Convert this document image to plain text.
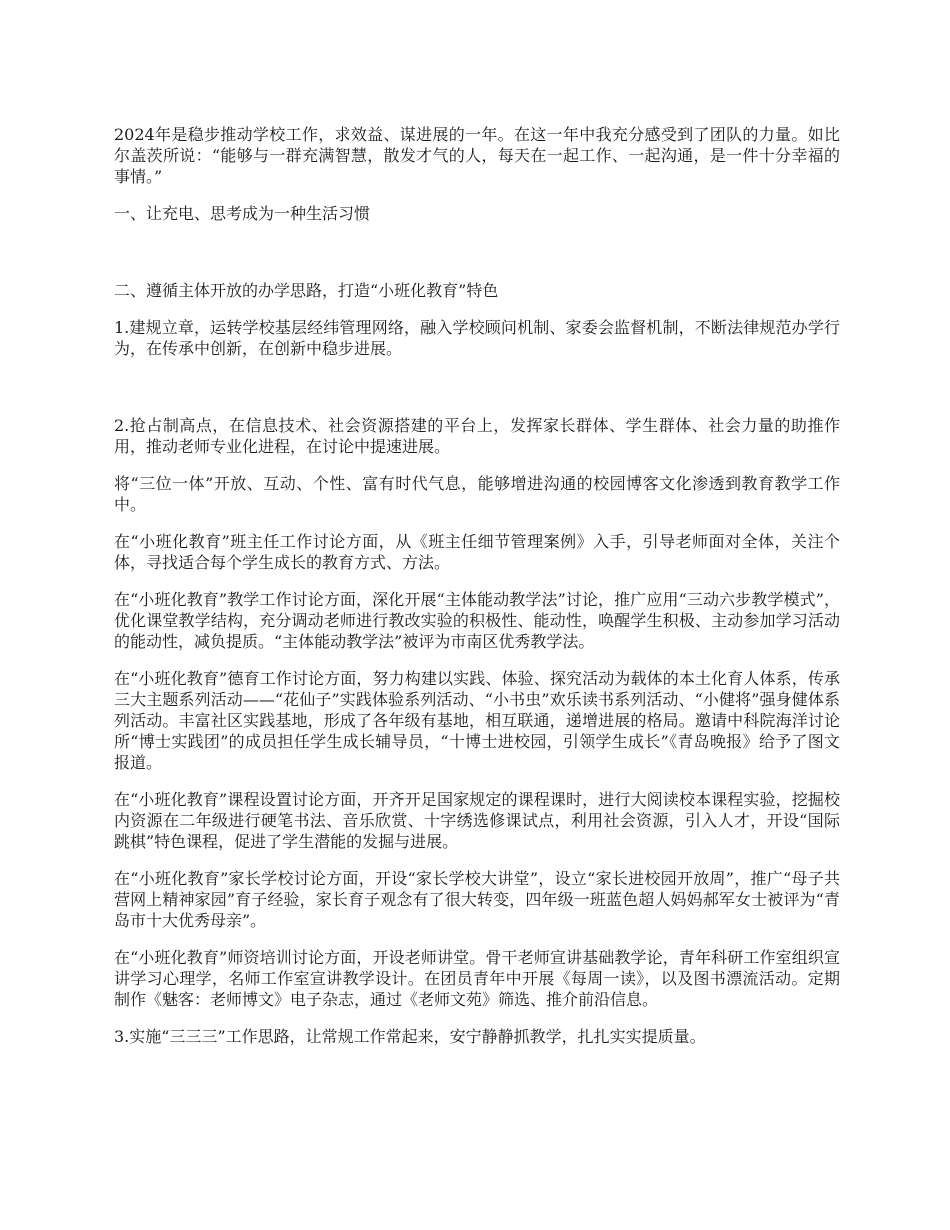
2024年是稳步推动学校工作，求效益、谋进展的一年。在这一年中我充分感受到了团队的力量。如比尔盖茨所说：“能够与一群充满智慧，散发才气的人，每天在一起工作、一起沟通，是一件十分幸福的事情。”

一、让充电、思考成为一种生活习惯

二、遵循主体开放的办学思路，打造“小班化教育”特色

1.建规立章，运转学校基层经纬管理网络，融入学校顾问机制、家委会监督机制，不断法律规范办学行为，在传承中创新，在创新中稳步进展。

2.抢占制高点，在信息技术、社会资源搭建的平台上，发挥家长群体、学生群体、社会力量的助推作用，推动老师专业化进程，在讨论中提速进展。

将“三位一体”开放、互动、个性、富有时代气息，能够增进沟通的校园博客文化渗透到教育教学工作中。

在“小班化教育”班主任工作讨论方面，从《班主任细节管理案例》入手，引导老师面对全体，关注个体，寻找适合每个学生成长的教育方式、方法。

在“小班化教育”教学工作讨论方面，深化开展“主体能动教学法”讨论，推广应用“三动六步教学模式”，优化课堂教学结构，充分调动老师进行教改实验的积极性、能动性，唤醒学生积极、主动参加学习活动的能动性，减负提质。“主体能动教学法”被评为市南区优秀教学法。

在“小班化教育”德育工作讨论方面，努力构建以实践、体验、探究活动为载体的本土化育人体系，传承三大主题系列活动——“花仙子”实践体验系列活动、“小书虫”欢乐读书系列活动、“小健将”强身健体系列活动。丰富社区实践基地，形成了各年级有基地，相互联通，递增进展的格局。邀请中科院海洋讨论所“博士实践团”的成员担任学生成长辅导员，“十博士进校园，引领学生成长”《青岛晚报》给予了图文报道。

在“小班化教育”课程设置讨论方面，开齐开足国家规定的课程课时，进行大阅读校本课程实验，挖掘校内资源在二年级进行硬笔书法、音乐欣赏、十字绣选修课试点，利用社会资源，引入人才，开设“国际跳棋”特色课程，促进了学生潜能的发掘与进展。

在“小班化教育”家长学校讨论方面，开设“家长学校大讲堂”，设立“家长进校园开放周”，推广“母子共营网上精神家园”育子经验，家长育子观念有了很大转变，四年级一班蓝色超人妈妈郝军女士被评为“青岛市十大优秀母亲”。

在“小班化教育”师资培训讨论方面，开设老师讲堂。骨干老师宣讲基础教学论，青年科研工作室组织宣讲学习心理学，名师工作室宣讲教学设计。在团员青年中开展《每周一读》，以及图书漂流活动。定期制作《魅客：老师博文》电子杂志，通过《老师文苑》筛选、推介前沿信息。

3.实施“三三三”工作思路，让常规工作常起来，安宁静静抓教学，扎扎实实提质量。
